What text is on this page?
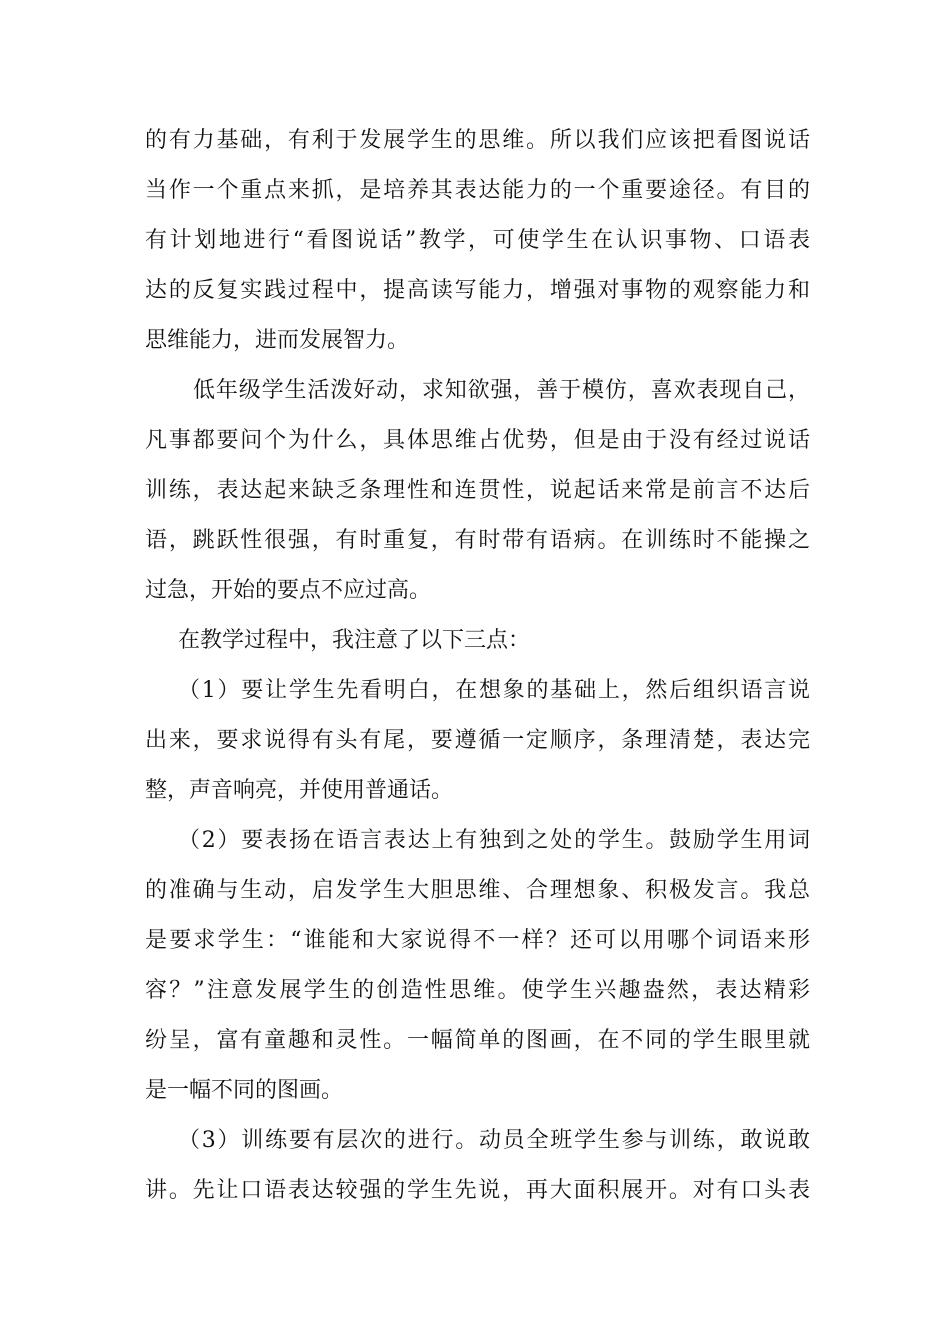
的有力基础，有利于发展学生的思维。所以我们应该把看图说话
当作一个重点来抓，是培养其表达能力的一个重要途径。有目的
有计划地进行“看图说话”教学，可使学生在认识事物、口语表
达的反复实践过程中，提高读写能力，增强对事物的观察能力和
思维能力，进而发展智力。
低年级学生活泼好动，求知欲强，善于模仿，喜欢表现自己，
凡事都要问个为什么，具体思维占优势，但是由于没有经过说话
训练，表达起来缺乏条理性和连贯性，说起话来常是前言不达后
语，跳跃性很强，有时重复，有时带有语病。在训练时不能操之
过急，开始的要点不应过高。
在教学过程中，我注意了以下三点：
（1）要让学生先看明白，在想象的基础上，然后组织语言说
出来，要求说得有头有尾，要遵循一定顺序，条理清楚，表达完
整，声音响亮，并使用普通话。
（2）要表扬在语言表达上有独到之处的学生。鼓励学生用词
的准确与生动，启发学生大胆思维、合理想象、积极发言。我总
是要求学生：“谁能和大家说得不一样？还可以用哪个词语来形
容？”注意发展学生的创造性思维。使学生兴趣盎然，表达精彩
纷呈，富有童趣和灵性。一幅简单的图画，在不同的学生眼里就
是一幅不同的图画。
（3）训练要有层次的进行。动员全班学生参与训练，敢说敢
讲。先让口语表达较强的学生先说，再大面积展开。对有口头表
